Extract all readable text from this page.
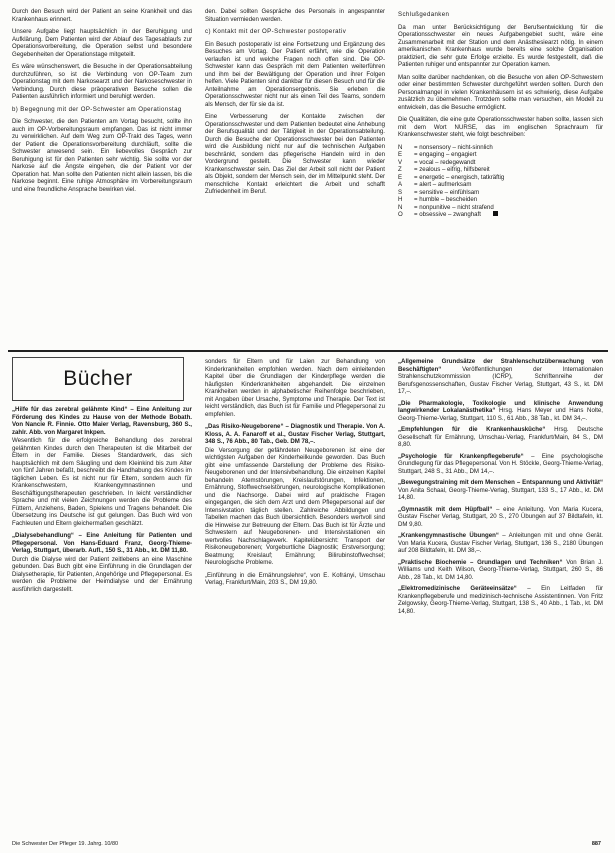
Durch den Besuch wird der Patient an seine Krankheit und das Krankenhaus erinnert.

Unsere Aufgabe liegt hauptsächlich in der Beruhigung und Aufklärung. Dem Patienten wird der Ablauf des Tagesablaufs zur Operationsvorbereitung, die Operation selbst und besondere Gegebenheiten der Operationstage mitgeteilt.

Es wäre wünschenswert, die Besuche in der Operationsabteilung durchzuführen, so ist die Verbindung von OP-Team zum Operationstag mit dem Narkosearzt und der Narkoseschwester in Verbindung. Durch diese präoperativen Besuche sollen die Patienten ausführlich informiert und beruhigt werden.

b) Begegnung mit der OP-Schwester am Operationstag

Die Schwester, die den Patienten am Vortag besucht, sollte ihn auch im OP-Vorbereitungsraum empfangen. Das ist nicht immer zu verwirklichen. Auf dem Weg zum OP-Trakt des Tages, wenn der Patient die Operationsvorbereitung durchläuft, sollte die Schwester anwesend sein. Ein liebevolles Gespräch zur Beruhigung ist für den Patienten sehr wichtig. Sie sollte vor der Narkose auf die Ängste eingehen, die der Patient vor der Operation hat. Man sollte den Patienten nicht allein lassen, bis die Narkose beginnt. Eine ruhige Atmosphäre im Vorbereitungsraum und eine freundliche Ansprache bewirken viel.

den. Dabei sollten Gespräche des Personals in angespannter Situation vermieden werden.

c) Kontakt mit der OP-Schwester postoperativ

Ein Besuch postoperativ ist eine Fortsetzung und Ergänzung des Besuches am Vortag. Der Patient erfährt, wie die Operation verlaufen ist und welche Fragen noch offen sind. Die OP-Schwester kann das Gespräch mit dem Patienten weiterführen und ihm bei der Bewältigung der Operation und ihrer Folgen helfen. Viele Patienten sind dankbar für diesen Besuch und für die Anteilnahme am Operationsergebnis. Sie erleben die Operationsschwester nicht nur als einen Teil des Teams, sondern als Mensch, der für sie da ist.

Eine Verbesserung der Kontakte zwischen der Operationsschwester und dem Patienten bedeutet eine Anhebung der Berufsqualität und der Tätigkeit in der Operationsabteilung. Durch die Besuche der Operationsschwester bei den Patienten wird die Ausbildung nicht nur auf die technischen Aufgaben beschränkt, sondern das pflegerische Handeln wird in den Vordergrund gestellt. Die Schwester kann wieder Krankenschwester sein. Das Ziel der Arbeit soll nicht der Patient als Objekt, sondern der Mensch sein, der im Mittelpunkt steht. Der menschliche Kontakt erleichtert die Arbeit und schafft Zufriedenheit im Beruf.

Schlußgedanken

Da man unter Berücksichtigung der Berufsentwicklung für die Operationsschwester ein neues Aufgabengebiet sucht, wäre eine Zusammenarbeit mit der Station und dem Anästhesiearzt nötig. In einem amerikanischen Krankenhaus wurde bereits eine solche Organisation praktiziert, die sehr gute Erfolge erzielte. Es wurde festgestellt, daß die Patienten ruhiger und entspannter zur Operation kamen.

Man sollte darüber nachdenken, ob die Besuche von allen OP-Schwestern oder einer bestimmten Schwester durchgeführt werden sollten. Durch den Personalmangel in vielen Krankenhäusern ist es schwierig, diese Aufgabe zusätzlich zu übernehmen. Trotzdem sollte man versuchen, ein Modell zu entwickeln, das die Besuche ermöglicht.

Die Qualitäten, die eine gute Operationsschwester haben sollte, lassen sich mit dem Wort NURSE, das im englischen Sprachraum für Krankenschwester steht, wie folgt beschreiben:

N	= nonsensory – nicht-sinnlich
E	= engaging – engagiert
V	= vocal – redegewandt
Z	= zealous – eifrig, hilfsbereit
E	= energetic – energisch, tatkräftig
A	= alert – aufmerksam
S	= sensitive – einfühlsam
H	= humble – bescheiden
N	= nonpunitive – nicht strafend
O	= obsessive – zwanghaft
Bücher

„Hilfe für das zerebral gelähmte Kind“ – Eine Anleitung zur Förderung des Kindes zu Hause von der Methode Bobath. Von Nancie R. Finnie. Otto Maier Verlag, Ravensburg, 360 S., zahlr. Abb. von Margaret Inkpen.

Wesentlich für die erfolgreiche Behandlung des zerebral gelähmten Kindes durch den Therapeuten ist die Mitarbeit der Eltern in der Familie. Dieses Standardwerk, das sich hauptsächlich mit dem Säugling und dem Kleinkind bis zum Alter von fünf Jahren befaßt, beschreibt die Handhabung des Kindes im täglichen Leben. Es ist nicht nur für Eltern, sondern auch für Krankenschwestern, Krankengymnastinnen und Beschäftigungstherapeuten geschrieben. In leicht verständlicher Sprache und mit vielen Zeichnungen werden die Probleme des Füttern, Anziehens, Baden, Spielens und Tragens behandelt. Die Übersetzung ins Deutsche ist gut gelungen. Das Buch wird von Fachleuten und Eltern gleichermaßen geschätzt.

„Dialysebehandlung“ – Eine Anleitung für Patienten und Pflegepersonal. Von Hans-Eduard Franz, Georg-Thieme-Verlag, Stuttgart, überarb. Aufl., 150 S., 31 Abb., kt. DM 11,80.

Durch die Dialyse wird der Patient zeitlebens an eine Maschine gebunden. Das Buch gibt eine Einführung in die Grundlagen der Dialysetherapie, für Patienten, Angehörige und Pflegepersonal. Es werden die Probleme der Heimdialyse und der Ernährung ausführlich dargestellt.

sonders für Eltern und für Laien zur Behandlung von Kinderkrankheiten empfohlen werden. Nach dem einleitenden Kapitel über die Grundlagen der Kinderpflege werden die häufigsten Kinderkrankheiten abgehandelt. Die einzelnen Krankheiten werden in alphabetischer Reihenfolge beschrieben, mit Angaben über Ursache, Symptome und Therapie. Der Text ist leicht verständlich, das Buch ist für Familie und Pflegepersonal zu empfehlen.

„Das Risiko-Neugeborene“ – Diagnostik und Therapie. Von A. Kloss, A. A. Fanaroff et al., Gustav Fischer Verlag, Stuttgart, 348 S., 76 Abb., 80 Tab., Geb. DM 78,–.

Die Versorgung der gefährdeten Neugeborenen ist eine der wichtigsten Aufgaben der Kinderheilkunde geworden. Das Buch gibt eine umfassende Darstellung der Probleme des Risiko-Neugeborenen und der Intensivbehandlung. Die einzelnen Kapitel behandeln Atemstörungen, Kreislaufstörungen, Infektionen, Ernährung, Stoffwechselstörungen, neurologische Komplikationen und die Nachsorge. Dabei wird auf praktische Fragen eingegangen, die sich dem Arzt und dem Pflegepersonal auf der Intensivstation täglich stellen. Zahlreiche Abbildungen und Tabellen machen das Buch übersichtlich. Besonders wertvoll sind die Hinweise zur Betreuung der Eltern. Das Buch ist für Ärzte und Schwestern auf Neugeborenen- und Intensivstationen ein wertvolles Nachschlagewerk. Kapitelübersicht: Transport der Risikoneugeborenen; Vorgeburtliche Diagnostik; Erstversorgung; Beatmung; Kreislauf; Ernährung; Bilirubinstoffwechsel; Neurologische Probleme.

„Einführung in die Ernährungslehre“, von E. Kofrányi, Umschau Verlag, Frankfurt/Main, 203 S., DM 19,80.

„Allgemeine Grundsätze der Strahlenschutzüberwachung von Beschäftigten“	Veröffentlichungen der Internationalen Strahlenschutzkommission (ICRP), Schriftenreihe der Berufsgenossenschaften, Gustav Fischer Verlag, Stuttgart, 43 S., kt. DM 17,–.

„Die Pharmakologie, Toxikologie und klinische Anwendung langwirkender Lokalanästhetika“ Hrsg. Hans Meyer und Hans Nolte, Georg-Thieme-Verlag, Stuttgart, 110 S., 61 Abb., 38 Tab., kt. DM 34,–.

„Empfehlungen für die Krankenhausküche“ Hrsg. Deutsche Gesellschaft für Ernährung, Umschau-Verlag, Frankfurt/Main, 84 S., DM 8,80.

„Psychologie für Krankenpflegeberufe“ – Eine psychologische Grundlegung für das Pflegepersonal. Von H. Stöckle, Georg-Thieme-Verlag, Stuttgart, 248 S., 31 Abb., DM 14,–.

„Bewegungstraining mit dem Menschen – Entspannung und Aktivität“ Von Anita Schaal, Georg-Thieme-Verlag, Stuttgart, 133 S., 17 Abb., kt. DM 14,80.

„Gymnastik mit dem Hüpfball“ – eine Anleitung. Von Maria Kucera, Gustav Fischer Verlag, Stuttgart, 20 S., 270 Übungen auf 37 Bildtafeln, kt. DM 9,80.

„Krankengymnastische Übungen“ – Anleitungen mit und ohne Gerät. Von Maria Kucera, Gustav Fischer Verlag, Stuttgart, 136 S., 2180 Übungen auf 208 Bildtafeln, kt. DM 38,–.

„Praktische Biochemie – Grundlagen und Techniken“ Von Brian J. Williams und Keith Wilson, Georg-Thieme-Verlag, Stuttgart, 260 S., 86 Abb., 28 Tab., kt. DM 14,80.

„Elektromedizinische Geräteeinsätze“ – Ein Leitfaden für Krankenpflegeberufe und medizinisch-technische Assistentinnen. Von Fritz Zelgowsky, Georg-Thieme-Verlag, Stuttgart, 138 S., 40 Abb., 1 Tab., kt. DM 14,80.

Die Schwester Der Pfleger 19. Jahrg. 10/80	887
